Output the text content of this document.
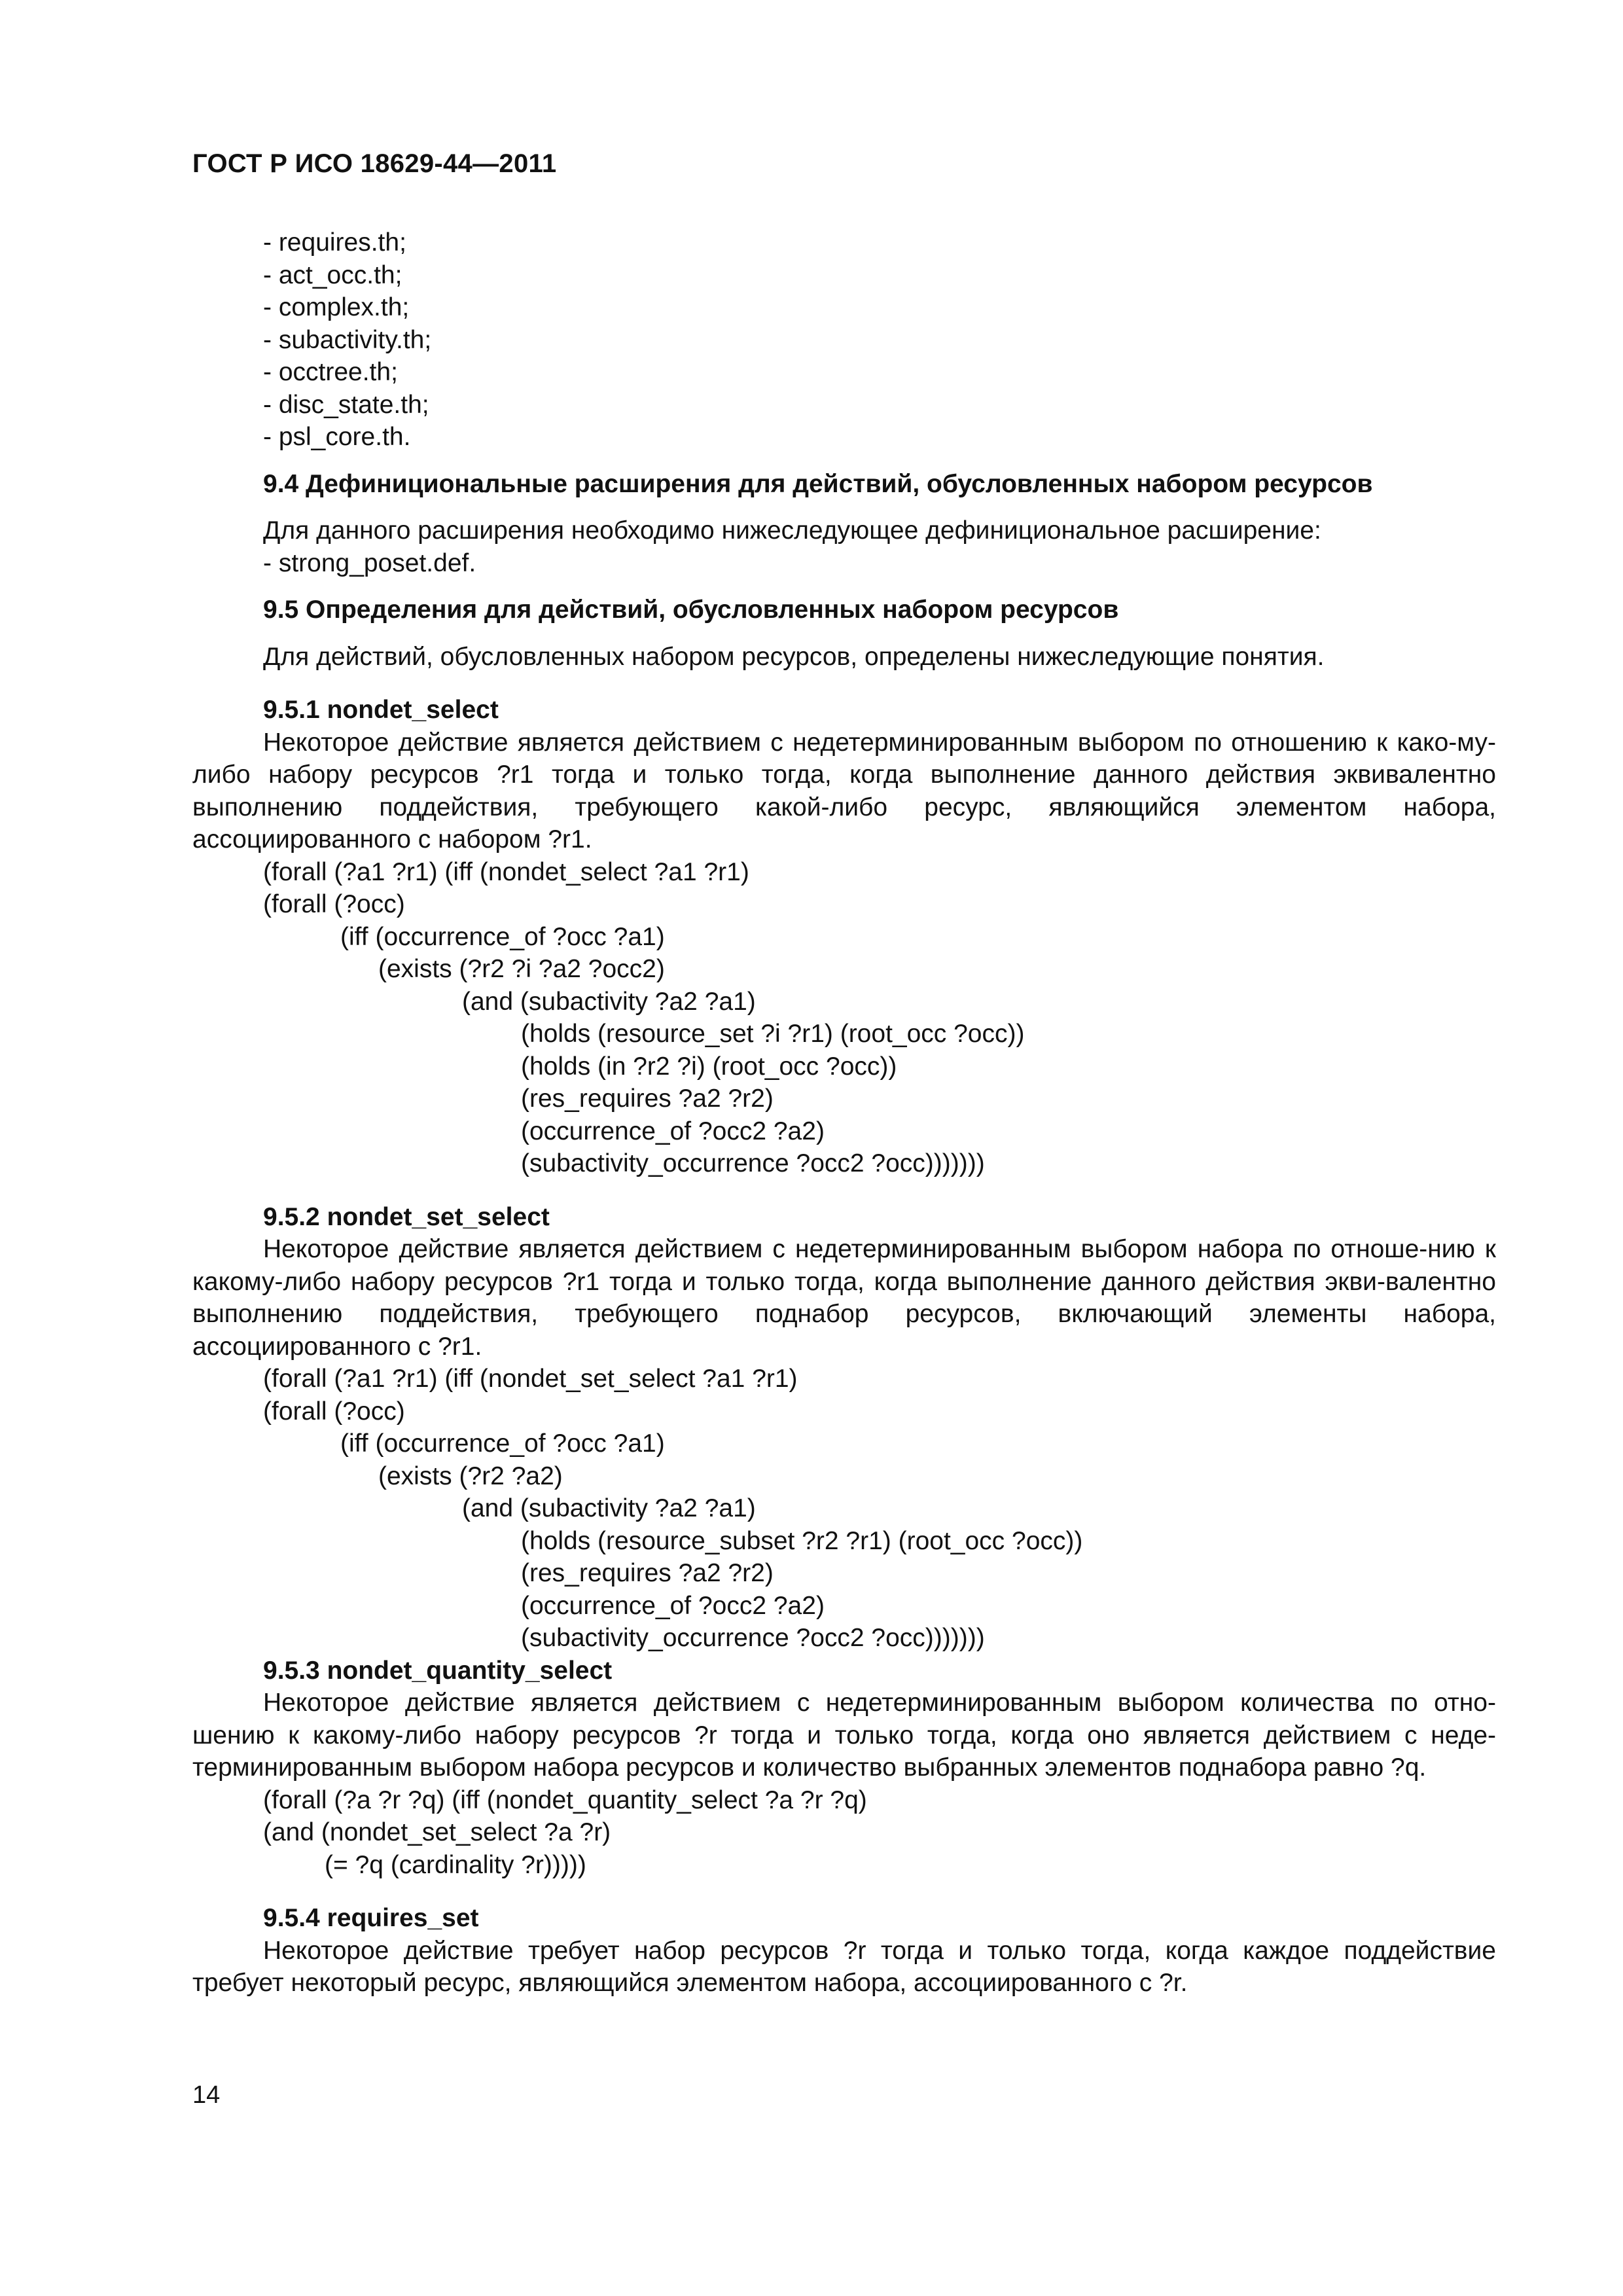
ГОСТ Р ИСО 18629-44—2011

- requires.th;

- act_occ.th;

- complex.th;

- subactivity.th;

- occtree.th;

- disc_state.th;

- psl_core.th.

9.4 Дефинициональные расширения для действий, обусловленных набором ресурсов

Для данного расширения необходимо нижеследующее дефинициональное расширение:

- strong_poset.def.

9.5 Определения для действий, обусловленных набором ресурсов

Для действий, обусловленных набором ресурсов, определены нижеследующие понятия.

9.5.1 nondet_select

Некоторое действие является действием с недетерминированным выбором по отношению к како-му-либо набору ресурсов ?r1 тогда и только тогда, когда выполнение данного действия эквивалентно выполнению поддействия, требующего какой-либо ресурс, являющийся элементом набора, ассоциированного с набором ?r1.

(forall (?a1 ?r1) (iff (nondet_select ?a1 ?r1)

(forall (?occ)

(iff (occurrence_of ?occ ?a1)

(exists (?r2 ?i ?a2 ?occ2)

(and (subactivity ?a2 ?a1)

(holds (resource_set ?i ?r1) (root_occ ?occ))

(holds (in ?r2 ?i) (root_occ ?occ))

(res_requires ?a2 ?r2)

(occurrence_of ?occ2 ?a2)

(subactivity_occurrence ?occ2 ?occ)))))))

9.5.2 nondet_set_select

Некоторое действие является действием с недетерминированным выбором набора по отноше-нию к какому-либо набору ресурсов ?r1 тогда и только тогда, когда выполнение данного действия экви-валентно выполнению поддействия, требующего поднабор ресурсов, включающий элементы набора, ассоциированного с ?r1.

(forall (?a1 ?r1) (iff (nondet_set_select ?a1 ?r1)

(forall (?occ)

(iff (occurrence_of ?occ ?a1)

(exists (?r2 ?a2)

(and (subactivity ?a2 ?a1)

(holds (resource_subset ?r2 ?r1) (root_occ ?occ))

(res_requires ?a2 ?r2)

(occurrence_of ?occ2 ?a2)

(subactivity_occurrence ?occ2 ?occ)))))))

9.5.3 nondet_quantity_select

Некоторое действие является действием с недетерминированным выбором количества по отно-шению к какому-либо набору ресурсов ?r тогда и только тогда, когда оно является действием с неде-терминированным выбором набора ресурсов и количество выбранных элементов поднабора равно ?q.

(forall (?a ?r ?q) (iff (nondet_quantity_select ?a ?r ?q)

(and (nondet_set_select ?a ?r)

(= ?q (cardinality ?r)))))

9.5.4 requires_set

Некоторое действие требует набор ресурсов ?r тогда и только тогда, когда каждое поддействие требует некоторый ресурс, являющийся элементом набора, ассоциированного с ?r.

14
